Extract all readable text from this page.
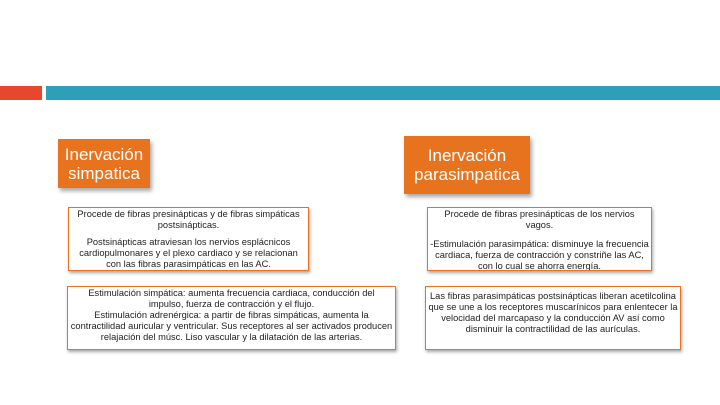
Inervación simpatica
Inervación parasimpatica

Procede de fibras presinápticas y de fibras simpáticas postsinápticas.

Postsinápticas atraviesan los nervios esplácnicos cardiopulmonares y el plexo cardiaco y se relacionan con las fibras parasimpáticas en las AC.

Estimulación simpática: aumenta frecuencia cardiaca, conducción del impulso, fuerza de contracción y el flujo.

Estimulación adrenérgica: a partir de fibras simpáticas, aumenta la contractilidad auricular y ventricular. Sus receptores al ser activados producen relajación del músc. Liso vascular y la dilatación de las arterias.

Procede de fibras presinápticas de los nervios vagos.

-Estimulación parasimpática: disminuye la frecuencia cardiaca, fuerza de contracción y constriñe las AC, con lo cual se ahorra energía.

Las fibras parasimpáticas postsinápticas liberan acetilcolina que se une a los receptores muscarínicos para enlentecer la velocidad del marcapaso y la conducción AV así como disminuir la contractilidad de las aurículas.
